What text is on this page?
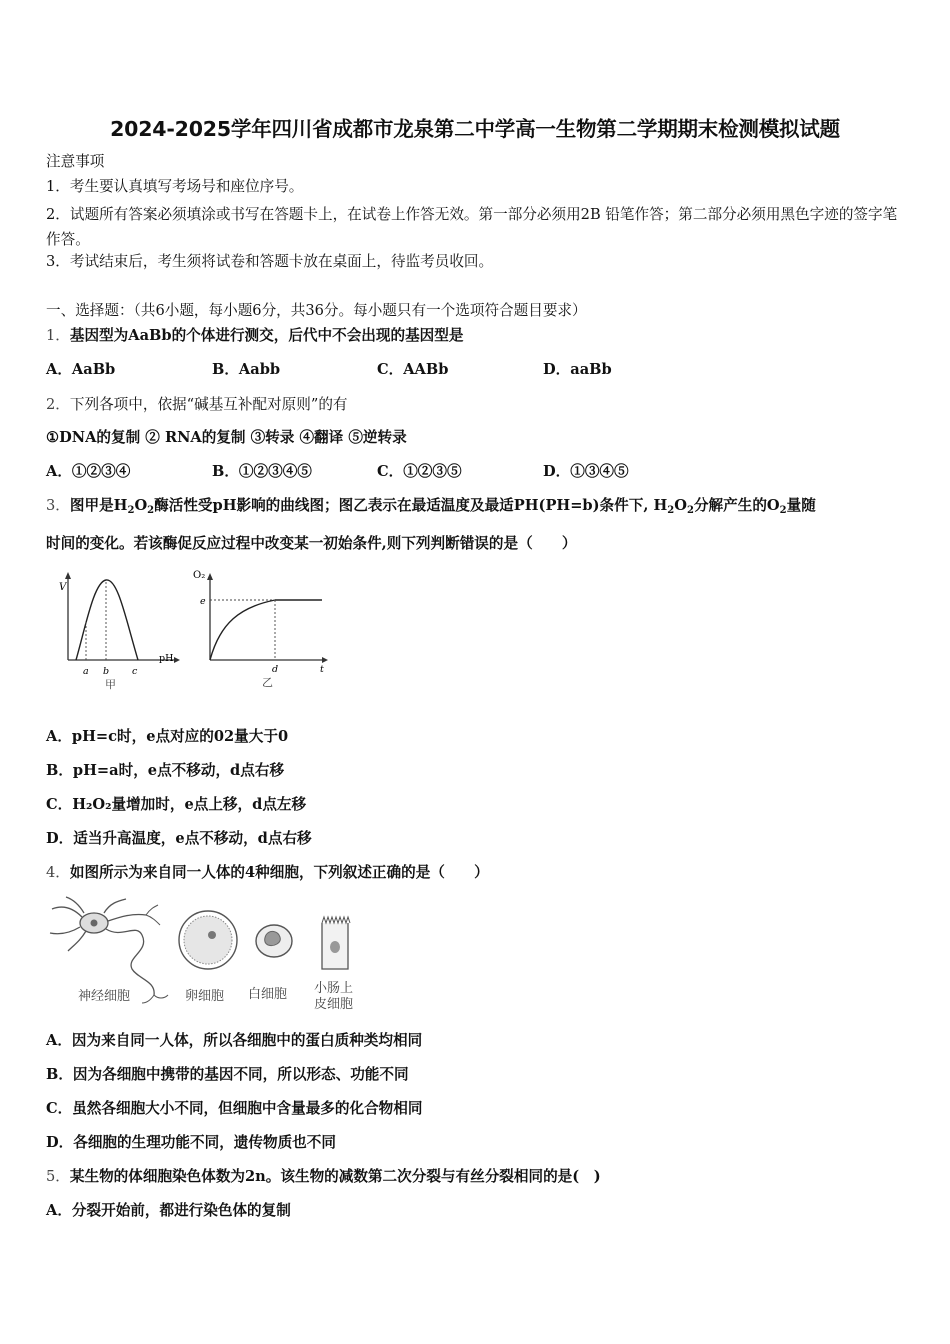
2024-2025学年四川省成都市龙泉第二中学高一生物第二学期期末检测模拟试题
注意事项
1．考生要认真填写考场号和座位序号。
2．试题所有答案必须填涂或书写在答题卡上，在试卷上作答无效。第一部分必须用2B 铅笔作答；第二部分必须用黑色字迹的签字笔作答。
3．考试结束后，考生须将试卷和答题卡放在桌面上，待监考员收回。
一、选择题：（共6小题，每小题6分，共36分。每小题只有一个选项符合题目要求）
1．基因型为AaBb的个体进行测交，后代中不会出现的基因型是
A．AaBb	B．Aabb	C．AABb	D．aaBb
2．下列各项中，依据“碱基互补配对原则”的有
①DNA的复制 ② RNA的复制 ③转录 ④翻译 ⑤逆转录
A．①②③④	B．①②③④⑤	C．①②③⑤	D．①③④⑤
3．图甲是$H_2O_2$酶活性受pH影响的曲线图；图乙表示在最适温度及最适PH(PH=b)条件下, $H_2O_2$分解产生的$O_2$量随
时间的变化。若该酶促反应过程中改变某一初始条件,则下列判断错误的是（　　）
V
pH
a b c
甲
O₂
e
d	t
乙
A．pH=c时，e点对应的02量大于0
B．pH=a时，e点不移动，d点右移
C．H₂O₂量增加时，e点上移，d点左移
D．适当升高温度，e点不移动，d点右移
4．如图所示为来自同一人体的4种细胞，下列叙述正确的是（　　）
神经细胞	卵细胞 白细胞 小肠上
皮细胞
A．因为来自同一人体，所以各细胞中的蛋白质种类均相同
B．因为各细胞中携带的基因不同，所以形态、功能不同
C．虽然各细胞大小不同，但细胞中含量最多的化合物相同
D．各细胞的生理功能不同，遗传物质也不同
5．某生物的体细胞染色体数为2n。该生物的减数第二次分裂与有丝分裂相同的是(　)
A．分裂开始前，都进行染色体的复制
